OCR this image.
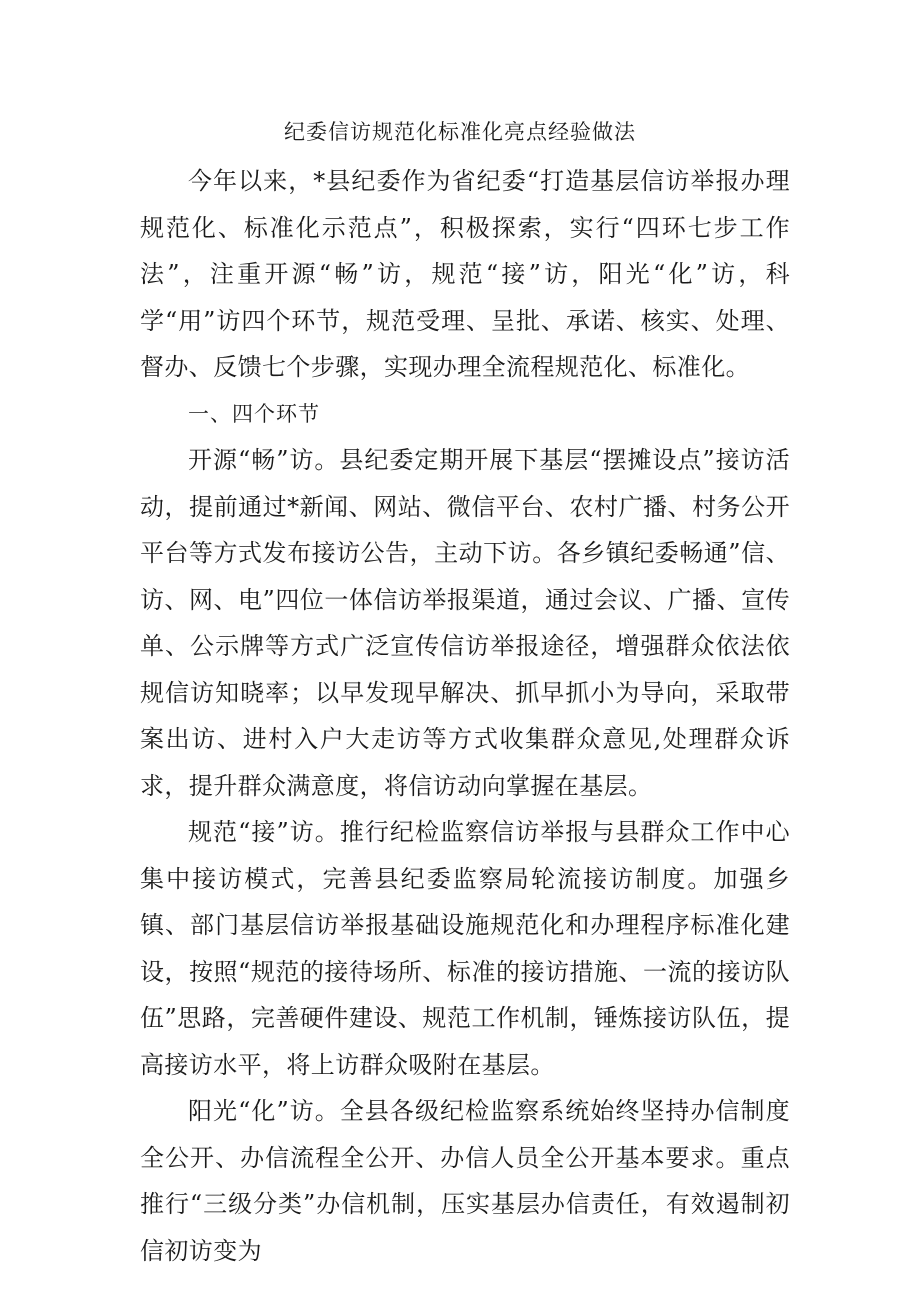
纪委信访规范化标准化亮点经验做法

今年以来，*县纪委作为省纪委“打造基层信访举报办理规范化、标准化示范点”，积极探索，实行“四环七步工作法”，注重开源“畅”访，规范“接”访，阳光“化”访，科学“用”访四个环节，规范受理、呈批、承诺、核实、处理、督办、反馈七个步骤，实现办理全流程规范化、标准化。

一、四个环节

开源“畅”访。县纪委定期开展下基层“摆摊设点”接访活动，提前通过*新闻、网站、微信平台、农村广播、村务公开平台等方式发布接访公告，主动下访。各乡镇纪委畅通”信、访、网、电”四位一体信访举报渠道，通过会议、广播、宣传单、公示牌等方式广泛宣传信访举报途径，增强群众依法依规信访知晓率；以早发现早解决、抓早抓小为导向，采取带案出访、进村入户大走访等方式收集群众意见,处理群众诉求，提升群众满意度，将信访动向掌握在基层。

规范“接”访。推行纪检监察信访举报与县群众工作中心集中接访模式，完善县纪委监察局轮流接访制度。加强乡镇、部门基层信访举报基础设施规范化和办理程序标准化建设，按照“规范的接待场所、标准的接访措施、一流的接访队伍”思路，完善硬件建设、规范工作机制，锤炼接访队伍，提高接访水平，将上访群众吸附在基层。

阳光“化”访。全县各级纪检监察系统始终坚持办信制度全公开、办信流程全公开、办信人员全公开基本要求。重点推行“三级分类”办信机制，压实基层办信责任，有效遏制初信初访变为
